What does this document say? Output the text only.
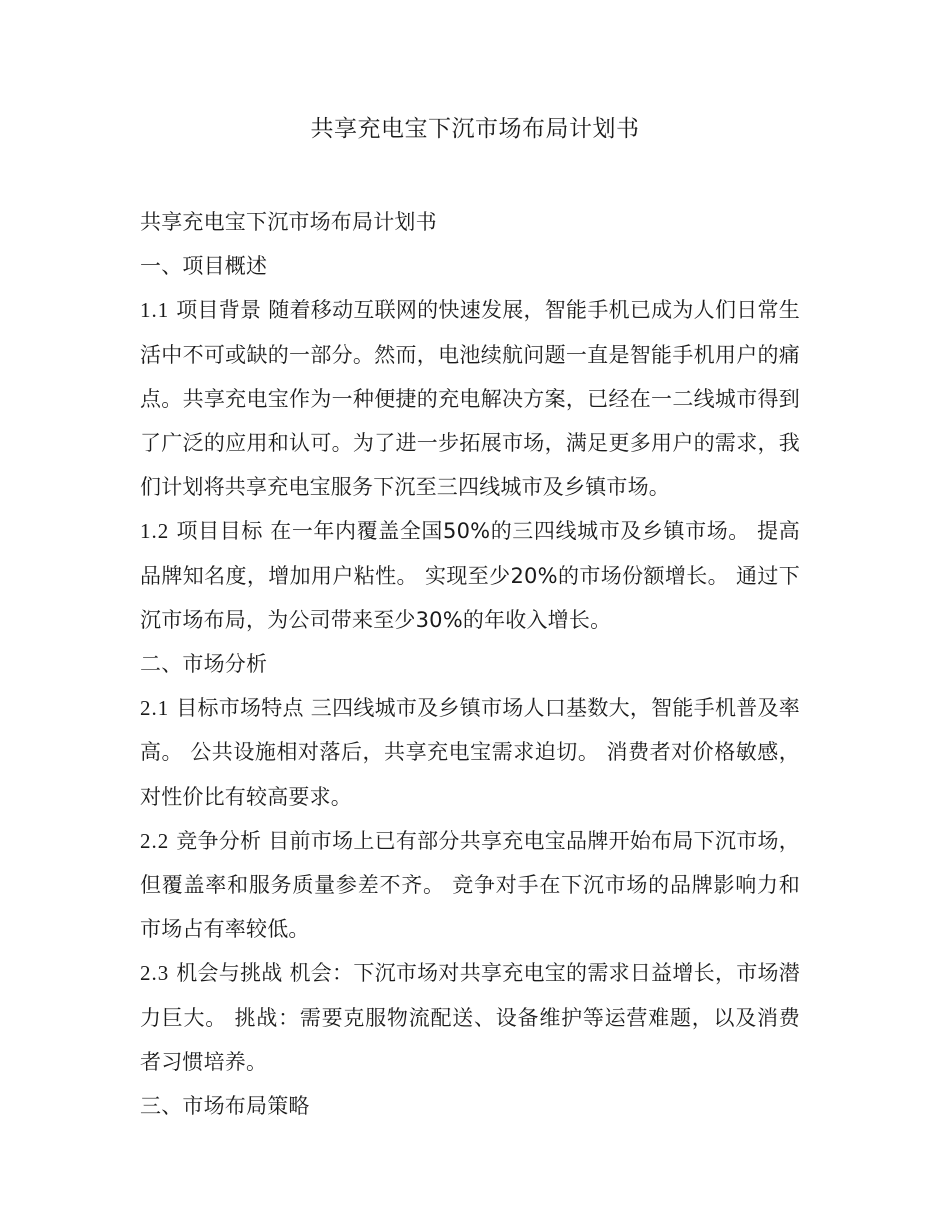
共享充电宝下沉市场布局计划书

共享充电宝下沉市场布局计划书

一、项目概述

1.1 项目背景 随着移动互联网的快速发展，智能手机已成为人们日常生活中不可或缺的一部分。然而，电池续航问题一直是智能手机用户的痛点。共享充电宝作为一种便捷的充电解决方案，已经在一二线城市得到了广泛的应用和认可。为了进一步拓展市场，满足更多用户的需求，我们计划将共享充电宝服务下沉至三四线城市及乡镇市场。

1.2 项目目标 在一年内覆盖全国50%的三四线城市及乡镇市场。 提高品牌知名度，增加用户粘性。 实现至少20%的市场份额增长。 通过下沉市场布局，为公司带来至少30%的年收入增长。

二、市场分析

2.1 目标市场特点 三四线城市及乡镇市场人口基数大，智能手机普及率高。 公共设施相对落后，共享充电宝需求迫切。 消费者对价格敏感，对性价比有较高要求。

2.2 竞争分析 目前市场上已有部分共享充电宝品牌开始布局下沉市场，但覆盖率和服务质量参差不齐。 竞争对手在下沉市场的品牌影响力和市场占有率较低。

2.3 机会与挑战 机会：下沉市场对共享充电宝的需求日益增长，市场潜力巨大。 挑战：需要克服物流配送、设备维护等运营难题，以及消费者习惯培养。

三、市场布局策略
